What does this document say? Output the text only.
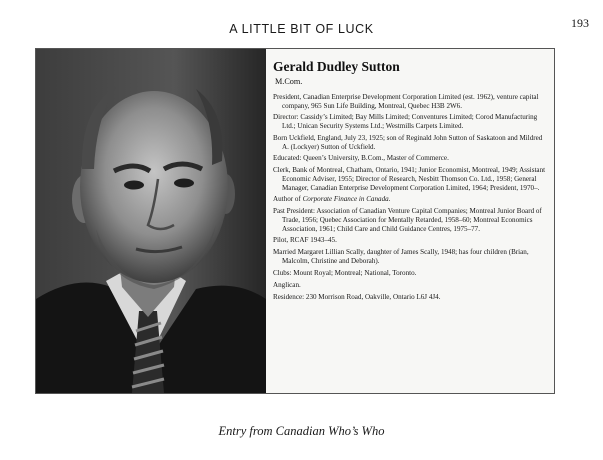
A LITTLE BIT OF LUCK	193
Gerald Dudley Sutton
M.Com.

President, Canadian Enterprise Development Corporation Limited (est. 1962), venture capital company, 965 Sun Life Building, Montreal, Quebec H3B 2W6.

Director: Cassidy’s Limited; Bay Mills Limited; Conventures Limited; Corod Manufacturing Ltd.; Unican Security Systems Ltd.; Westmills Carpets Limited.

Born Uckfield, England, July 23, 1925; son of Reginald John Sutton of Saskatoon and Mildred A. (Lockyer) Sutton of Uckfield.

Educated: Queen’s University, B.Com., Master of Commerce.

Clerk, Bank of Montreal, Chatham, Ontario, 1941; Junior Economist, Montreal, 1949; Assistant Economic Adviser, 1955; Director of Research, Nesbitt Thomson Co. Ltd., 1958; General Manager, Canadian Enterprise Development Corporation Limited, 1964; President, 1970–.

Author of Corporate Finance in Canada.

Past President: Association of Canadian Venture Capital Companies; Montreal Junior Board of Trade, 1956; Quebec Association for Mentally Retarded, 1958–60; Montreal Economics Association, 1961; Child Care and Child Guidance Centres, 1975–77.

Pilot, RCAF 1943–45.

Married Margaret Lillian Scally, daughter of James Scally, 1948; has four children (Brian, Malcolm, Christine and Deborah).

Clubs: Mount Royal; Montreal; National, Toronto.

Anglican.

Residence: 230 Morrison Road, Oakville, Ontario L6J 4J4.

Entry from Canadian Who’s Who
